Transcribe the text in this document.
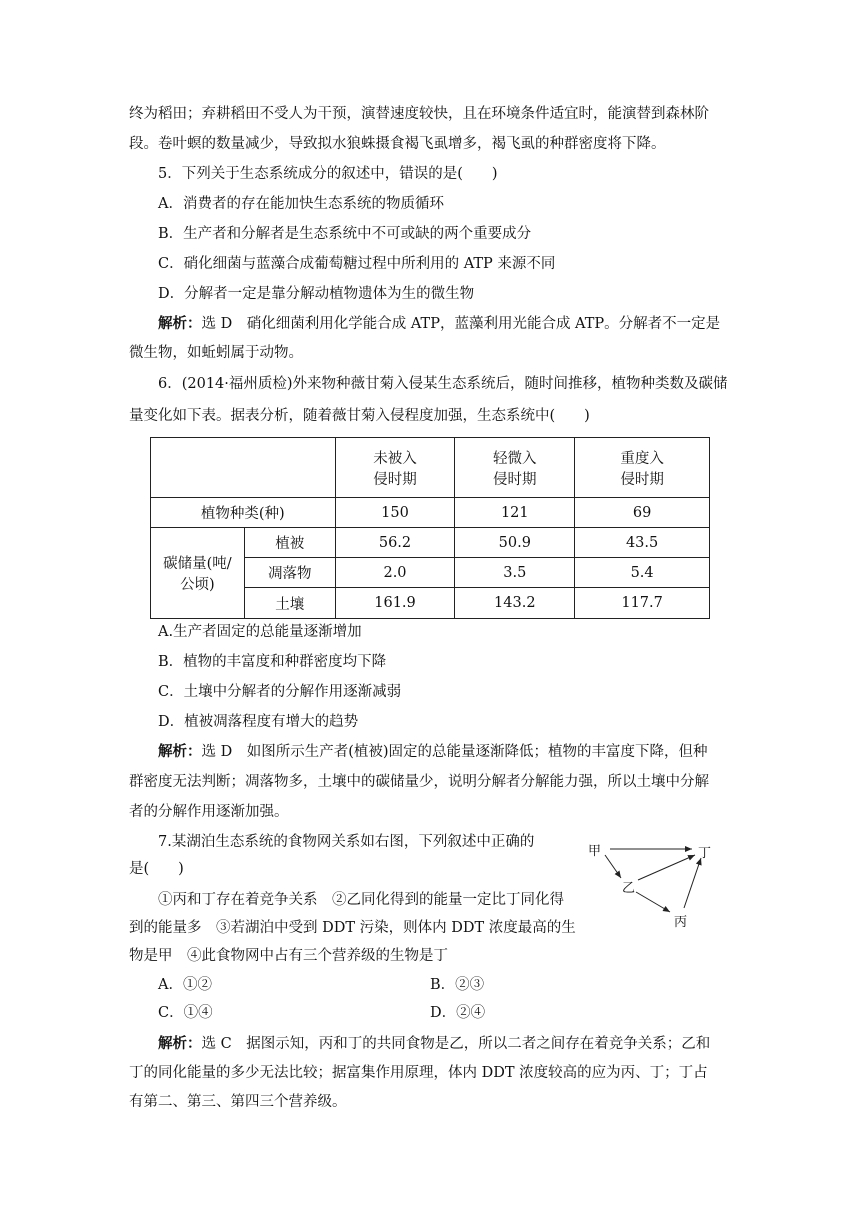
终为稻田；弃耕稻田不受人为干预，演替速度较快，且在环境条件适宜时，能演替到森林阶
段。卷叶螟的数量减少，导致拟水狼蛛摄食褐飞虱增多，褐飞虱的种群密度将下降。
5．下列关于生态系统成分的叙述中，错误的是(　　)
A．消费者的存在能加快生态系统的物质循环
B．生产者和分解者是生态系统中不可或缺的两个重要成分
C．硝化细菌与蓝藻合成葡萄糖过程中所利用的 ATP 来源不同
D．分解者一定是靠分解动植物遗体为生的微生物
解析：选 D　硝化细菌利用化学能合成 ATP，蓝藻利用光能合成 ATP。分解者不一定是
微生物，如蚯蚓属于动物。
6．(2014·福州质检)外来物种薇甘菊入侵某生态系统后，随时间推移，植物种类数及碳储
量变化如下表。据表分析，随着薇甘菊入侵程度加强，生态系统中(　　)
		未被入
侵时期	轻微入
侵时期	重度入
侵时期
植物种类(种)		150	121	69
碳储量(吨/
公顷)	植被	56.2	50.9	43.5
	凋落物	2.0	3.5	5.4
	土壤	161.9	143.2	117.7
A.生产者固定的总能量逐渐增加
B．植物的丰富度和种群密度均下降
C．土壤中分解者的分解作用逐渐减弱
D．植被凋落程度有增大的趋势
解析：选 D　如图所示生产者(植被)固定的总能量逐渐降低；植物的丰富度下降，但种
群密度无法判断；凋落物多，土壤中的碳储量少，说明分解者分解能力强，所以土壤中分解
者的分解作用逐渐加强。
7.某湖泊生态系统的食物网关系如右图，下列叙述中正确的
是(　　)
①丙和丁存在着竞争关系　②乙同化得到的能量一定比丁同化得
到的能量多　③若湖泊中受到 DDT 污染，则体内 DDT 浓度最高的生
物是甲　④此食物网中占有三个营养级的生物是丁
甲	丁
乙
丙
A．①②	B．②③
C．①④	D．②④
解析：选 C　据图示知，丙和丁的共同食物是乙，所以二者之间存在着竞争关系；乙和
丁的同化能量的多少无法比较；据富集作用原理，体内 DDT 浓度较高的应为丙、丁；丁占
有第二、第三、第四三个营养级。
